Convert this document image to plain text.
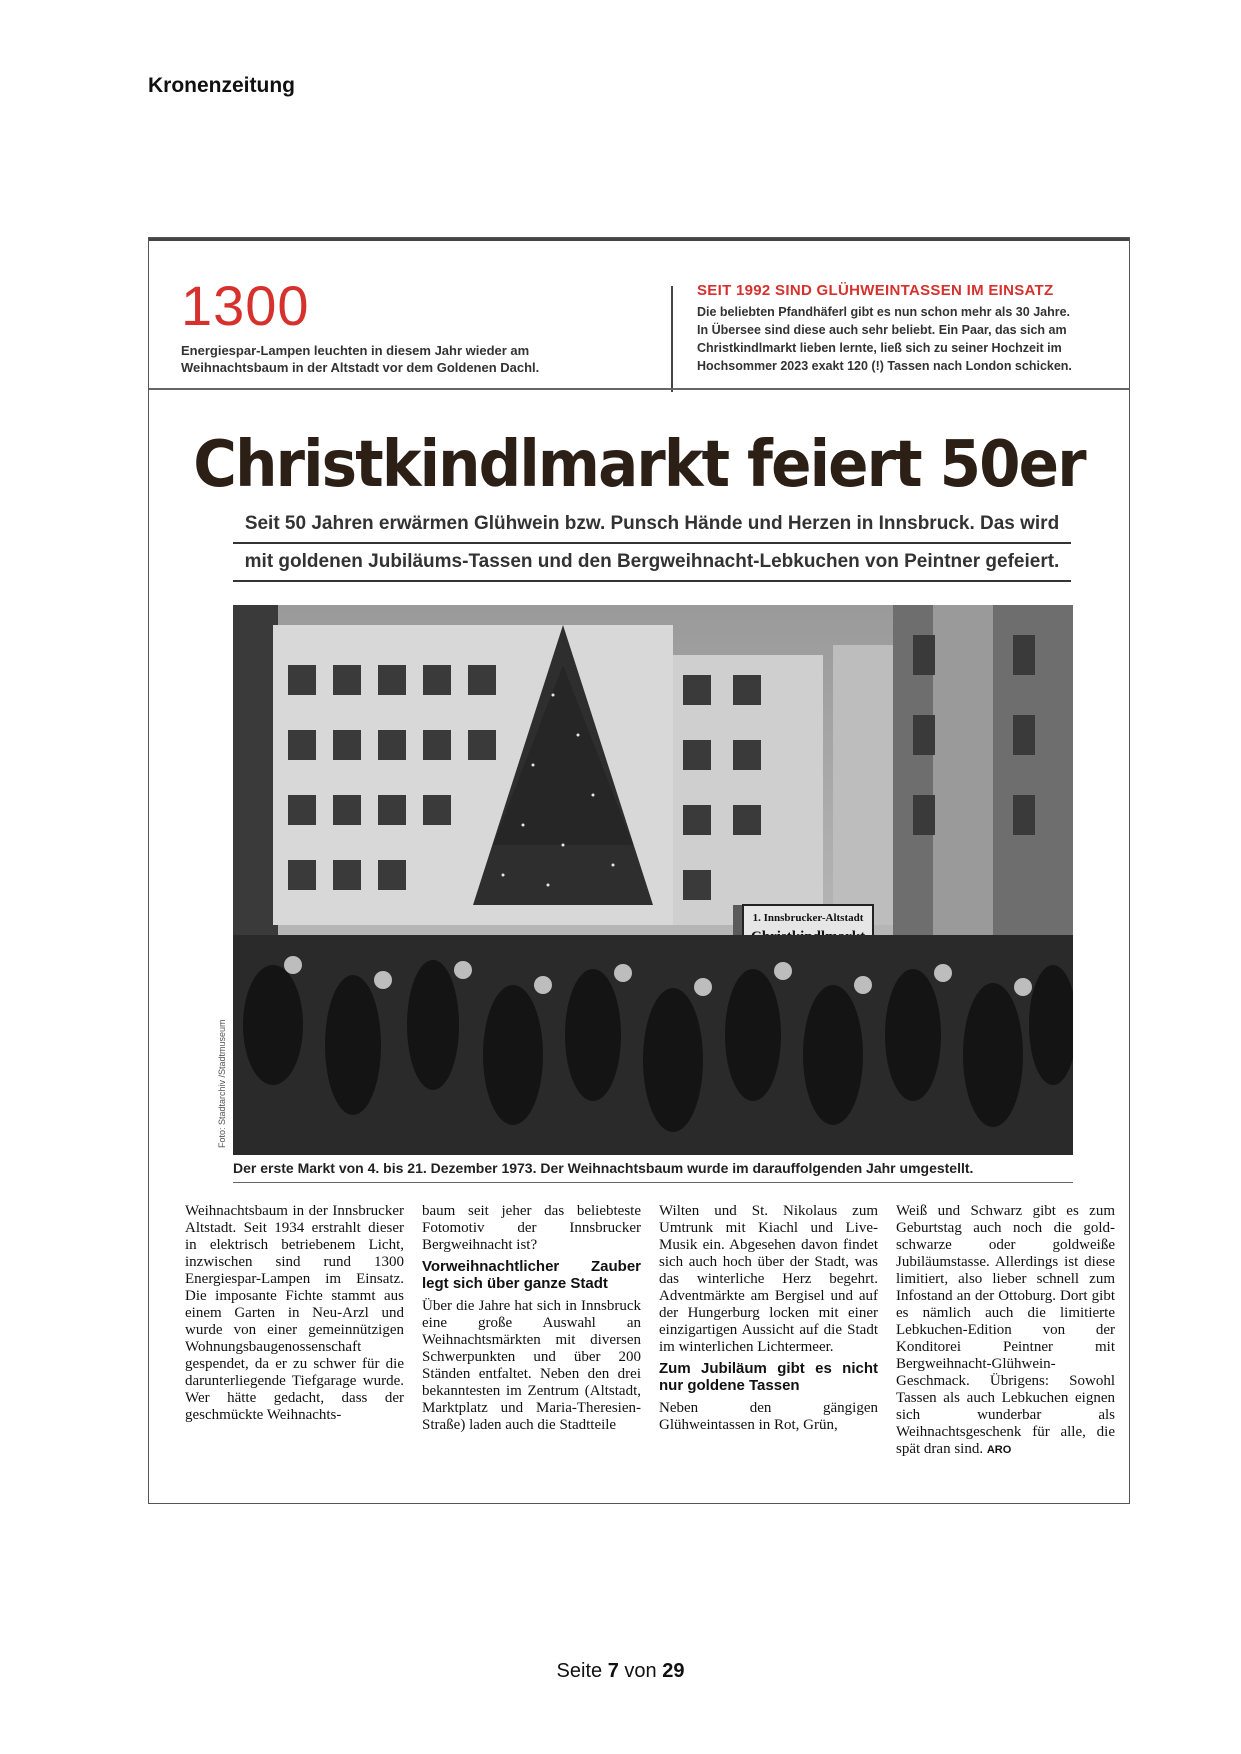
Kronenzeitung
1300
Energiespar-Lampen leuchten in diesem Jahr wieder am
Weihnachtsbaum in der Altstadt vor dem Goldenen Dachl.
SEIT 1992 SIND GLÜHWEINTASSEN IM EINSATZ
Die beliebten Pfandhäferl gibt es nun schon mehr als 30 Jahre.
In Übersee sind diese auch sehr beliebt. Ein Paar, das sich am
Christkindlmarkt lieben lernte, ließ sich zu seiner Hochzeit im
Hochsommer 2023 exakt 120 (!) Tassen nach London schicken.
Christkindlmarkt feiert 50er
Seit 50 Jahren erwärmen Glühwein bzw. Punsch Hände und Herzen in Innsbruck. Das wird
mit goldenen Jubiläums-Tassen und den Bergweihnacht-Lebkuchen von Peintner gefeiert.
1. Innsbrucker-Altstadt
Foto: Stadtarchiv /Stadtmuseum
Der erste Markt von 4. bis 21. Dezember 1973. Der Weihnachtsbaum wurde im darauffolgenden Jahr umgestellt.

Weihnachtsbaum in der Innsbrucker Altstadt. Seit 1934 erstrahlt dieser in elektrisch betriebenem Licht, inzwischen sind rund 1300 Energiespar-Lampen im Einsatz. Die imposante Fichte stammt aus einem Garten in Neu-Arzl und wurde von einer gemeinnützigen Wohnungsbaugenossenschaft gespendet, da er zu schwer für die darunterliegende Tiefgarage wurde. Wer hätte gedacht, dass der geschmückte Weihnachts-

baum seit jeher das beliebteste Fotomotiv der Innsbrucker Bergweihnacht ist?

Vorweihnachtlicher Zauber legt sich über ganze Stadt

Über die Jahre hat sich in Innsbruck eine große Auswahl an Weihnachtsmärkten mit diversen Schwerpunkten und über 200 Ständen entfaltet. Neben den drei bekanntesten im Zentrum (Altstadt, Marktplatz und Maria-Theresien-Straße) laden auch die Stadtteile

Wilten und St. Nikolaus zum Umtrunk mit Kiachl und Live-Musik ein. Abgesehen davon findet sich auch hoch über der Stadt, was das winterliche Herz begehrt. Adventmärkte am Bergisel und auf der Hungerburg locken mit einer einzigartigen Aussicht auf die Stadt im winterlichen Lichtermeer.

Zum Jubiläum gibt es nicht nur goldene Tassen

Neben den gängigen Glühweintassen in Rot, Grün,

Weiß und Schwarz gibt es zum Geburtstag auch noch die gold-schwarze oder goldweiße Jubiläumstasse. Allerdings ist diese limitiert, also lieber schnell zum Infostand an der Ottoburg. Dort gibt es nämlich auch die limitierte Lebkuchen-Edition von der Konditorei Peintner mit Bergweihnacht-Glühwein-Geschmack. Übrigens: Sowohl Tassen als auch Lebkuchen eignen sich wunderbar als Weihnachtsgeschenk für alle, die spät dran sind. ARO

Seite 7 von 29
